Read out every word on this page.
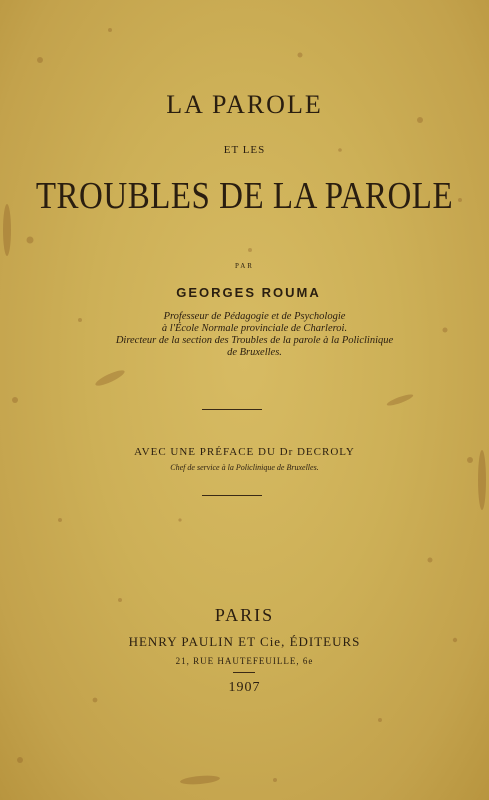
LA PAROLE
ET LES
TROUBLES DE LA PAROLE
PAR
GEORGES ROUMA
Professeur de Pédagogie et de Psychologie
à l'École Normale provinciale de Charleroi.
Directeur de la section des Troubles de la parole à la Policlinique
de Bruxelles.
AVEC UNE PRÉFACE DU Dr DECROLY
Chef de service à la Policlinique de Bruxelles.
PARIS
HENRY PAULIN ET Cie, ÉDITEURS
21, RUE HAUTEFEUILLE, 6e
1907
